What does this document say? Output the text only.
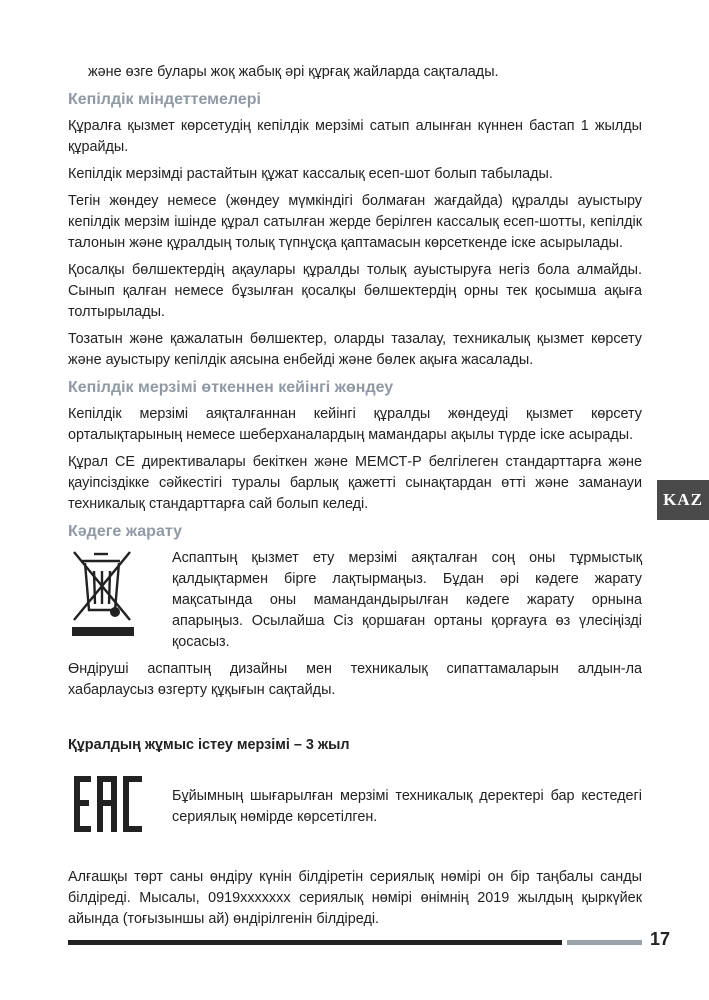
және өзге булары жоқ жабық әрі құрғақ жайларда сақталады.

Кепілдік міндеттемелері

Құралға қызмет көрсетудің кепілдік мерзімі сатып алынған күннен бастап 1 жылды құрайды.

Кепілдік мерзімді растайтын құжат кассалық есеп-шот болып табылады.

Тегін жөндеу немесе (жөндеу мүмкіндігі болмаған жағдайда) құралды ауыстыру кепілдік мерзім ішінде құрал сатылған жерде берілген кассалық есеп-шотты, кепілдік талонын және құралдың толық түпнұсқа қаптамасын көрсеткенде іске асырылады.

Қосалқы бөлшектердің ақаулары құралды толық ауыстыруға негіз бола алмайды. Сынып қалған немесе бұзылған қосалқы бөлшектердің орны тек қосымша ақыға толтырылады.

Тозатын және қажалатын бөлшектер, оларды тазалау, техникалық қызмет көрсету және ауыстыру кепілдік аясына енбейді және бөлек ақыға жасалады.

Кепілдік мерзімі өткеннен кейінгі жөндеу

Кепілдік мерзімі аяқталғаннан кейінгі құралды жөндеуді қызмет көрсету орталықтарының немесе шеберханалардың мамандары ақылы түрде іске асырады.

Құрал СЕ директивалары бекіткен және МЕМСТ-Р белгілеген стандарттарға және қауіпсіздікке сәйкестігі туралы барлық қажетті сынақтардан өтті және заманауи техникалық стандарттарға сай болып келеді.

Кәдеге жарату

Аспаптың қызмет ету мерзімі аяқталған соң оны тұрмыстық қалдықтармен бірге лақтырмаңыз. Бұдан әрі кәдеге жарату мақсатында оны мамандандырылған кәдеге жарату орнына апарыңыз. Осылайша Сіз қоршаған ортаны қорғауға өз үлесіңізді қосасыз.

Өндіруші аспаптың дизайны мен техникалық сипаттамаларын алдын-ла хабарлаусыз өзгерту құқығын сақтайды.

Құралдың жұмыс істеу мерзімі – 3 жыл

Бұйымның шығарылған мерзімі техникалық деректері бар кестедегі сериялық нөмірде көрсетілген.

Алғашқы төрт саны өндіру күнін білдіретін сериялық нөмірі он бір таңбалы санды білдіреді. Мысалы, 0919ххххххх сериялық нөмірі өнімнің 2019 жылдың қыркүйек айында (тоғызыншы ай) өндірілгенін білдіреді.

KAZ
17
